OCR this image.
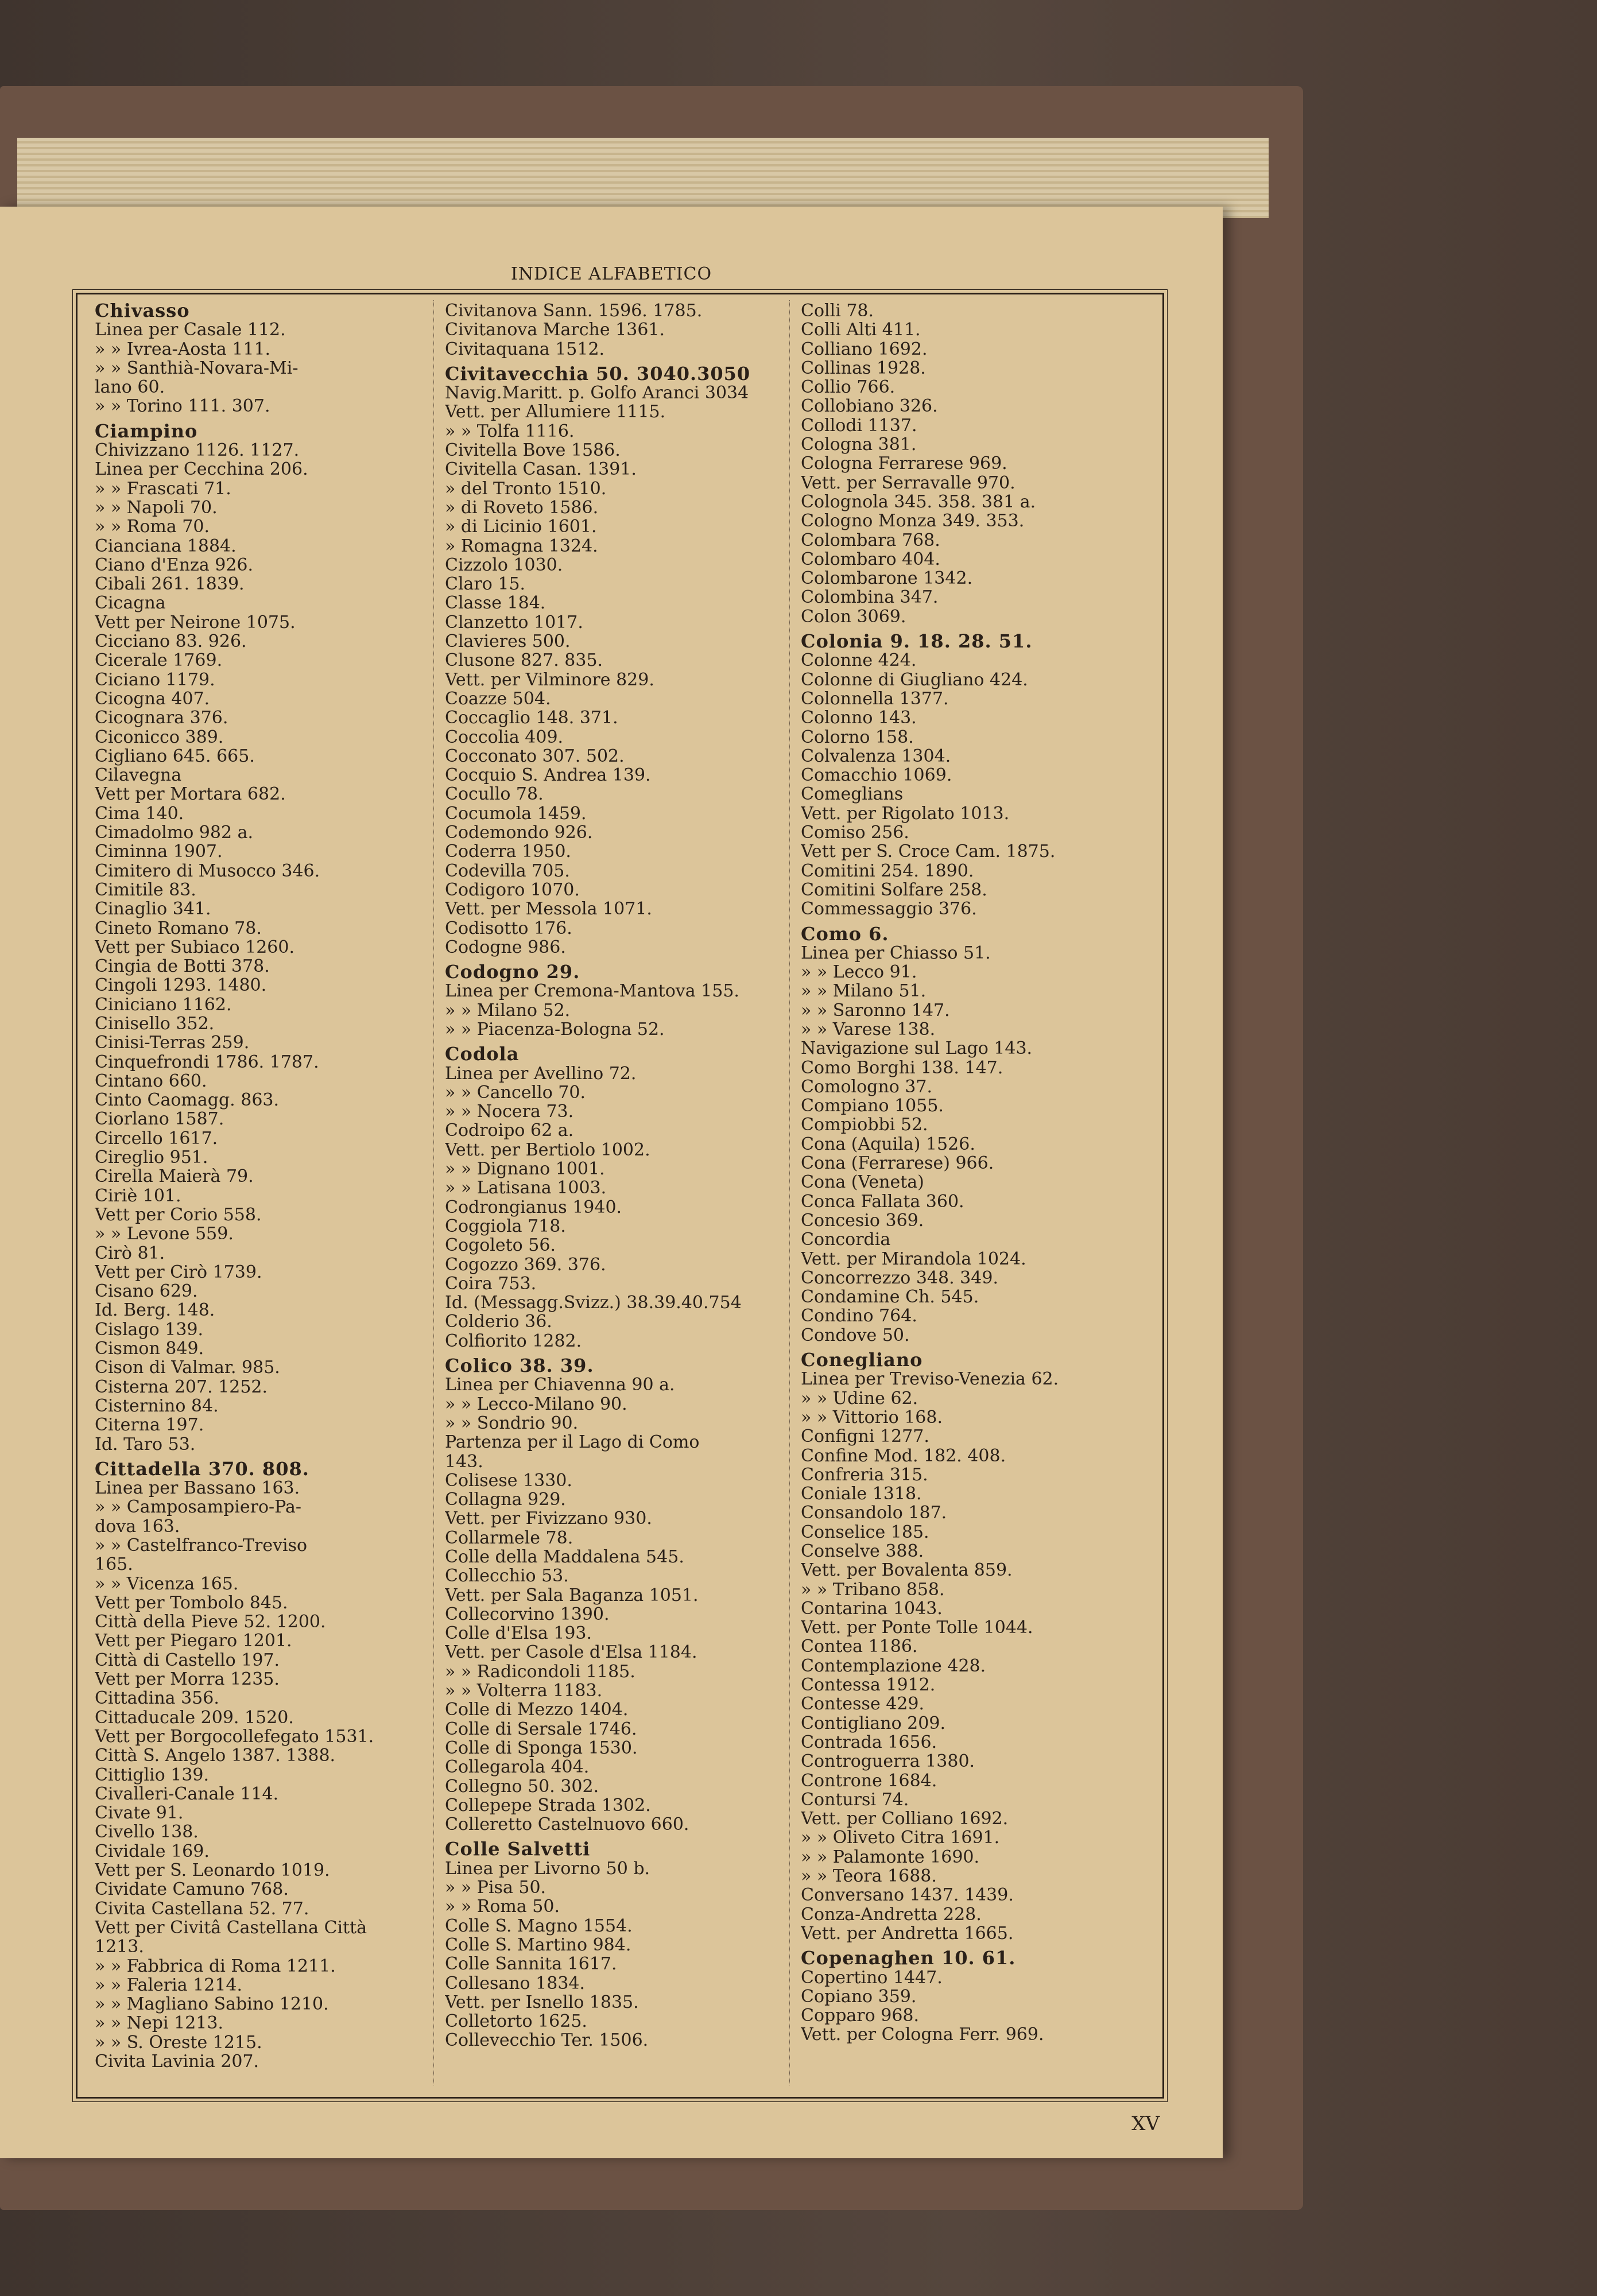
INDICE ALFABETICO
Chivasso
Linea per Casale 112.
» » Ivrea-Aosta 111.
» » Santhià-Novara-Mi-
lano 60.
» » Torino 111. 307.
Ciampino
Chivizzano 1126. 1127.
Linea per Cecchina 206.
» » Frascati 71.
» » Napoli 70.
» » Roma 70.
Cianciana 1884.
Ciano d'Enza 926.
Cibali 261. 1839.
Cicagna
Vett per Neirone 1075.
Cicciano 83. 926.
Cicerale 1769.
Ciciano 1179.
Cicogna 407.
Cicognara 376.
Ciconicco 389.
Cigliano 645. 665.
Cilavegna
Vett per Mortara 682.
Cima 140.
Cimadolmo 982 a.
Ciminna 1907.
Cimitero di Musocco 346.
Cimitile 83.
Cinaglio 341.
Cineto Romano 78.
Vett per Subiaco 1260.
Cingia de Botti 378.
Cingoli 1293. 1480.
Ciniciano 1162.
Cinisello 352.
Cinisi-Terras 259.
Cinquefrondi 1786. 1787.
Cintano 660.
Cinto Caomagg. 863.
Ciorlano 1587.
Circello 1617.
Cireglio 951.
Cirella Maierà 79.
Ciriè 101.
Vett per Corio 558.
» » Levone 559.
Cirò 81.
Vett per Cirò 1739.
Cisano 629.
Id. Berg. 148.
Cislago 139.
Cismon 849.
Cison di Valmar. 985.
Cisterna 207. 1252.
Cisternino 84.
Citerna 197.
Id. Taro 53.
Cittadella 370. 808.
Linea per Bassano 163.
» » Camposampiero-Pa-
dova 163.
» » Castelfranco-Treviso
165.
» » Vicenza 165.
Vett per Tombolo 845.
Città della Pieve 52. 1200.
Vett per Piegaro 1201.
Città di Castello 197.
Vett per Morra 1235.
Cittadina 356.
Cittaducale 209. 1520.
Vett per Borgocollefegato 1531.
Città S. Angelo 1387. 1388.
Cittiglio 139.
Civalleri-Canale 114.
Civate 91.
Civello 138.
Cividale 169.
Vett per S. Leonardo 1019.
Cividate Camuno 768.
Civita Castellana 52. 77.
Vett per Civitâ Castellana Città
1213.
» » Fabbrica di Roma 1211.
» » Faleria 1214.
» » Magliano Sabino 1210.
» » Nepi 1213.
» » S. Oreste 1215.
Civita Lavinia 207.
Civitanova Sann. 1596. 1785.
Civitanova Marche 1361.
Civitaquana 1512.
Civitavecchia 50. 3040.3050
Navig.Maritt. p. Golfo Aranci 3034
Vett. per Allumiere 1115.
» » Tolfa 1116.
Civitella Bove 1586.
Civitella Casan. 1391.
» del Tronto 1510.
» di Roveto 1586.
» di Licinio 1601.
» Romagna 1324.
Cizzolo 1030.
Claro 15.
Classe 184.
Clanzetto 1017.
Clavieres 500.
Clusone 827. 835.
Vett. per Vilminore 829.
Coazze 504.
Coccaglio 148. 371.
Coccolia 409.
Cocconato 307. 502.
Cocquio S. Andrea 139.
Cocullo 78.
Cocumola 1459.
Codemondo 926.
Coderra 1950.
Codevilla 705.
Codigoro 1070.
Vett. per Messola 1071.
Codisotto 176.
Codogne 986.
Codogno 29.
Linea per Cremona-Mantova 155.
» » Milano 52.
» » Piacenza-Bologna 52.
Codola
Linea per Avellino 72.
» » Cancello 70.
» » Nocera 73.
Codroipo 62 a.
Vett. per Bertiolo 1002.
» » Dignano 1001.
» » Latisana 1003.
Codrongianus 1940.
Coggiola 718.
Cogoleto 56.
Cogozzo 369. 376.
Coira 753.
Id. (Messagg.Svizz.) 38.39.40.754
Colderio 36.
Colfiorito 1282.
Colico 38. 39.
Linea per Chiavenna 90 a.
» » Lecco-Milano 90.
» » Sondrio 90.
Partenza per il Lago di Como
143.
Colisese 1330.
Collagna 929.
Vett. per Fivizzano 930.
Collarmele 78.
Colle della Maddalena 545.
Collecchio 53.
Vett. per Sala Baganza 1051.
Collecorvino 1390.
Colle d'Elsa 193.
Vett. per Casole d'Elsa 1184.
» » Radicondoli 1185.
» » Volterra 1183.
Colle di Mezzo 1404.
Colle di Sersale 1746.
Colle di Sponga 1530.
Collegarola 404.
Collegno 50. 302.
Collepepe Strada 1302.
Colleretto Castelnuovo 660.
Colle Salvetti
Linea per Livorno 50 b.
» » Pisa 50.
» » Roma 50.
Colle S. Magno 1554.
Colle S. Martino 984.
Colle Sannita 1617.
Collesano 1834.
Vett. per Isnello 1835.
Colletorto 1625.
Collevecchio Ter. 1506.
Colli 78.
Colli Alti 411.
Colliano 1692.
Collinas 1928.
Collio 766.
Collobiano 326.
Collodi 1137.
Cologna 381.
Cologna Ferrarese 969.
Vett. per Serravalle 970.
Colognola 345. 358. 381 a.
Cologno Monza 349. 353.
Colombara 768.
Colombaro 404.
Colombarone 1342.
Colombina 347.
Colon 3069.
Colonia 9. 18. 28. 51.
Colonne 424.
Colonne di Giugliano 424.
Colonnella 1377.
Colonno 143.
Colorno 158.
Colvalenza 1304.
Comacchio 1069.
Comeglians
Vett. per Rigolato 1013.
Comiso 256.
Vett per S. Croce Cam. 1875.
Comitini 254. 1890.
Comitini Solfare 258.
Commessaggio 376.
Como 6.
Linea per Chiasso 51.
» » Lecco 91.
» » Milano 51.
» » Saronno 147.
» » Varese 138.
Navigazione sul Lago 143.
Como Borghi 138. 147.
Comologno 37.
Compiano 1055.
Compiobbi 52.
Cona (Aquila) 1526.
Cona (Ferrarese) 966.
Cona (Veneta)
Conca Fallata 360.
Concesio 369.
Concordia
Vett. per Mirandola 1024.
Concorrezzo 348. 349.
Condamine Ch. 545.
Condino 764.
Condove 50.
Conegliano
Linea per Treviso-Venezia 62.
» » Udine 62.
» » Vittorio 168.
Configni 1277.
Confine Mod. 182. 408.
Confreria 315.
Coniale 1318.
Consandolo 187.
Conselice 185.
Conselve 388.
Vett. per Bovalenta 859.
» » Tribano 858.
Contarina 1043.
Vett. per Ponte Tolle 1044.
Contea 1186.
Contemplazione 428.
Contessa 1912.
Contesse 429.
Contigliano 209.
Contrada 1656.
Controguerra 1380.
Controne 1684.
Contursi 74.
Vett. per Colliano 1692.
» » Oliveto Citra 1691.
» » Palamonte 1690.
» » Teora 1688.
Conversano 1437. 1439.
Conza-Andretta 228.
Vett. per Andretta 1665.
Copenaghen 10. 61.
Copertino 1447.
Copiano 359.
Copparo 968.
Vett. per Cologna Ferr. 969.
XV
